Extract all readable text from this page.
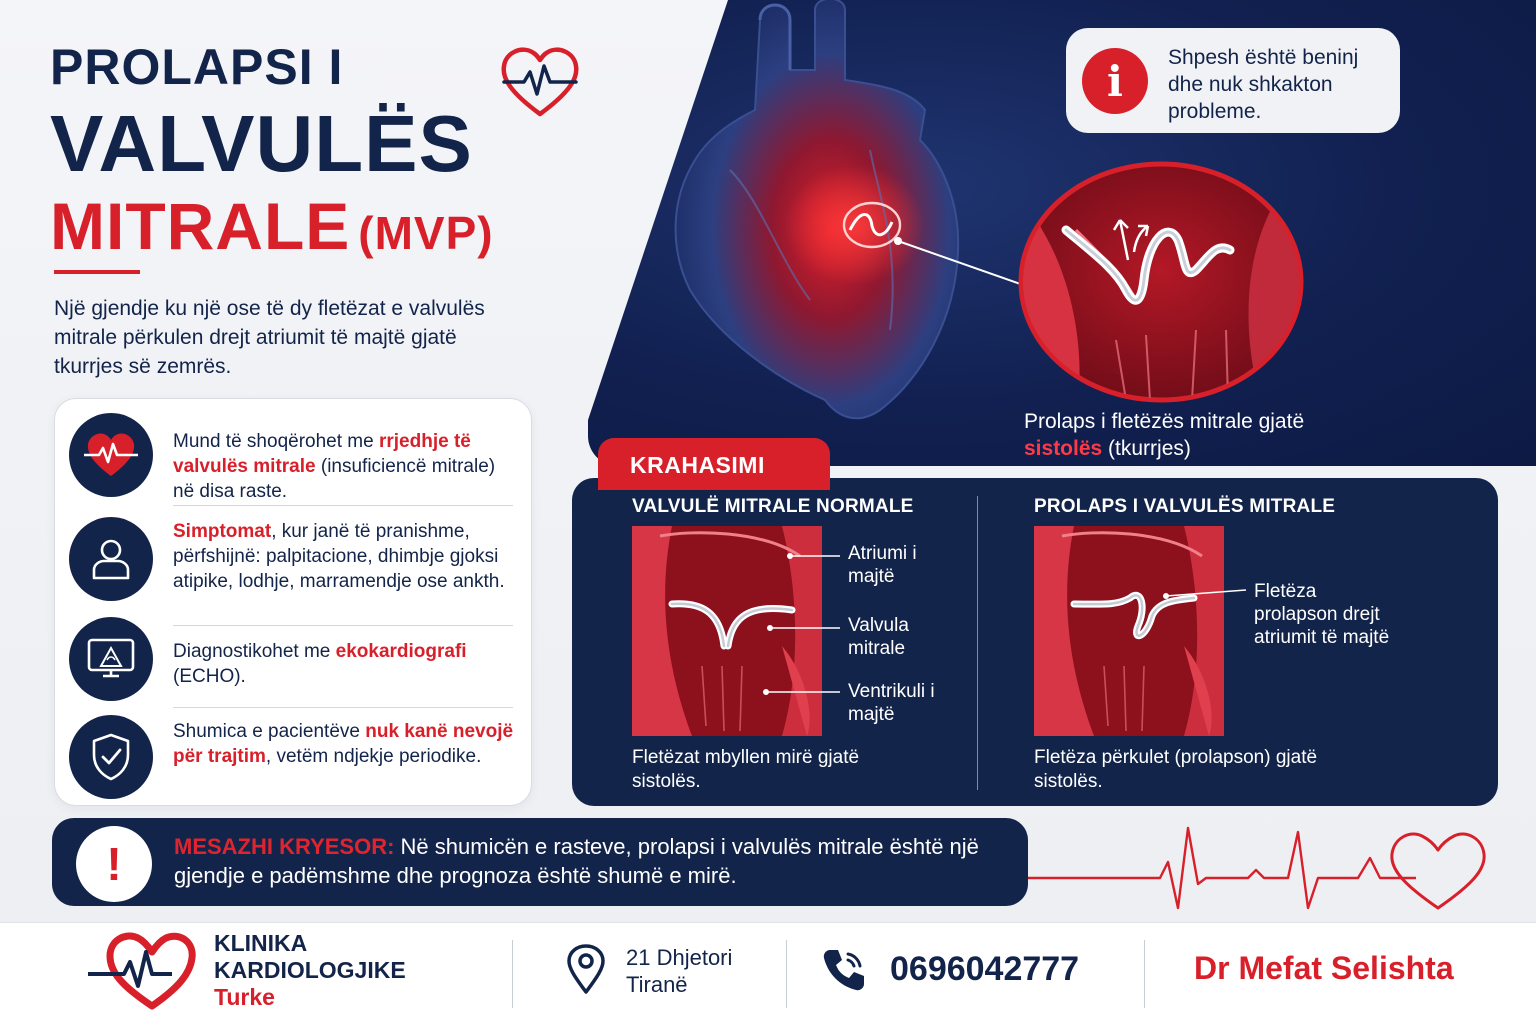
PROLAPSI I
VALVULËS
MITRALE (MVP)
Një gjendje ku një ose të dy fletëzat e valvulës mitrale përkulen drejt atriumit të majtë gjatë tkurrjes së zemrës.
Mund të shoqërohet me rrjedhje të valvulës mitrale (insuficiencë mitrale) në disa raste.
Simptomat, kur janë të pranishme, përfshijnë: palpitacione, dhimbje gjoksi atipike, lodhje, marramendje ose ankth.
Diagnostikohet me ekokardiografi (ECHO).
Shumica e pacientëve nuk kanë nevojë për trajtim, vetëm ndjekje periodike.
i	Shpesh është beninj dhe nuk shkakton probleme.
Prolaps i fletëzës mitrale gjatë sistolës (tkurrjes)
KRAHASIMI
VALVULË MITRALE NORMALE
Atriumi i majtë
Valvula mitrale
Ventrikuli i majtë
Fletëzat mbyllen mirë gjatë sistolës.
PROLAPS I VALVULËS MITRALE
Fletëza prolapson drejt atriumit të majtë
Fletëza përkulet (prolapson) gjatë sistolës.
!	MESAZHI KRYESOR: Në shumicën e rasteve, prolapsi i valvulës mitrale është një gjendje e padëmshme dhe prognoza është shumë e mirë.
KLINIKA
KARDIOLOGJIKE
Turke
21 Dhjetori
Tiranë	0696042777	Dr Mefat Selishta
